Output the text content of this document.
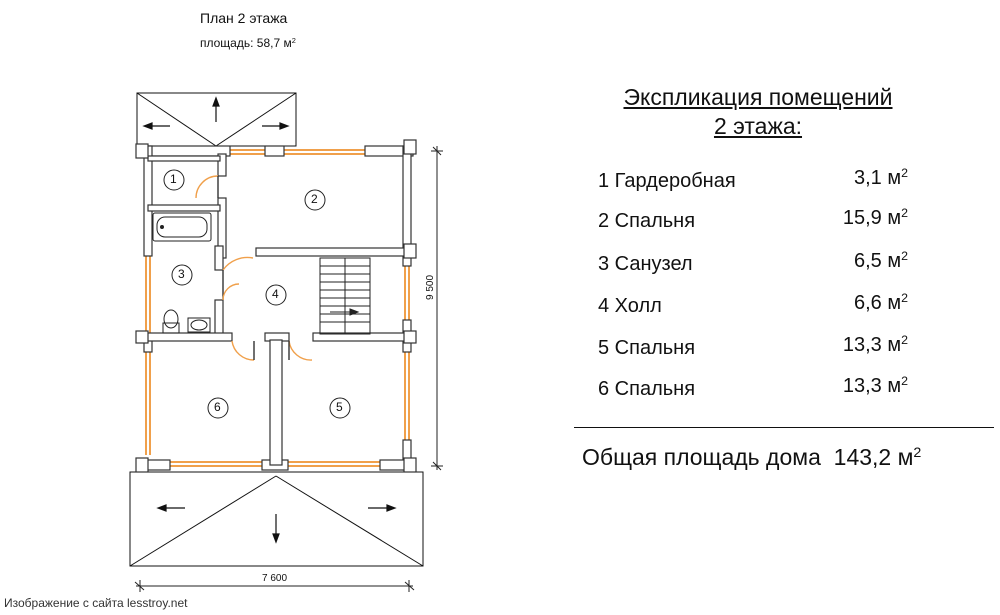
План 2 этажа
площадь: 58,7 $м^2$
1
2
3
4
5
6
7 600
9 500
Изображение с сайта lesstroy.net
Экспликация помещений
2 этажа:
1 Гардеробная	3,1 $м^2$
2 Спальня	15,9 $м^2$
3 Санузел	6,5 $м^2$
4 Холл	6,6 $м^2$
5 Спальня	13,3 $м^2$
6 Спальня	13,3 $м^2$
Общая площадь дома 143,2 $м^2$
